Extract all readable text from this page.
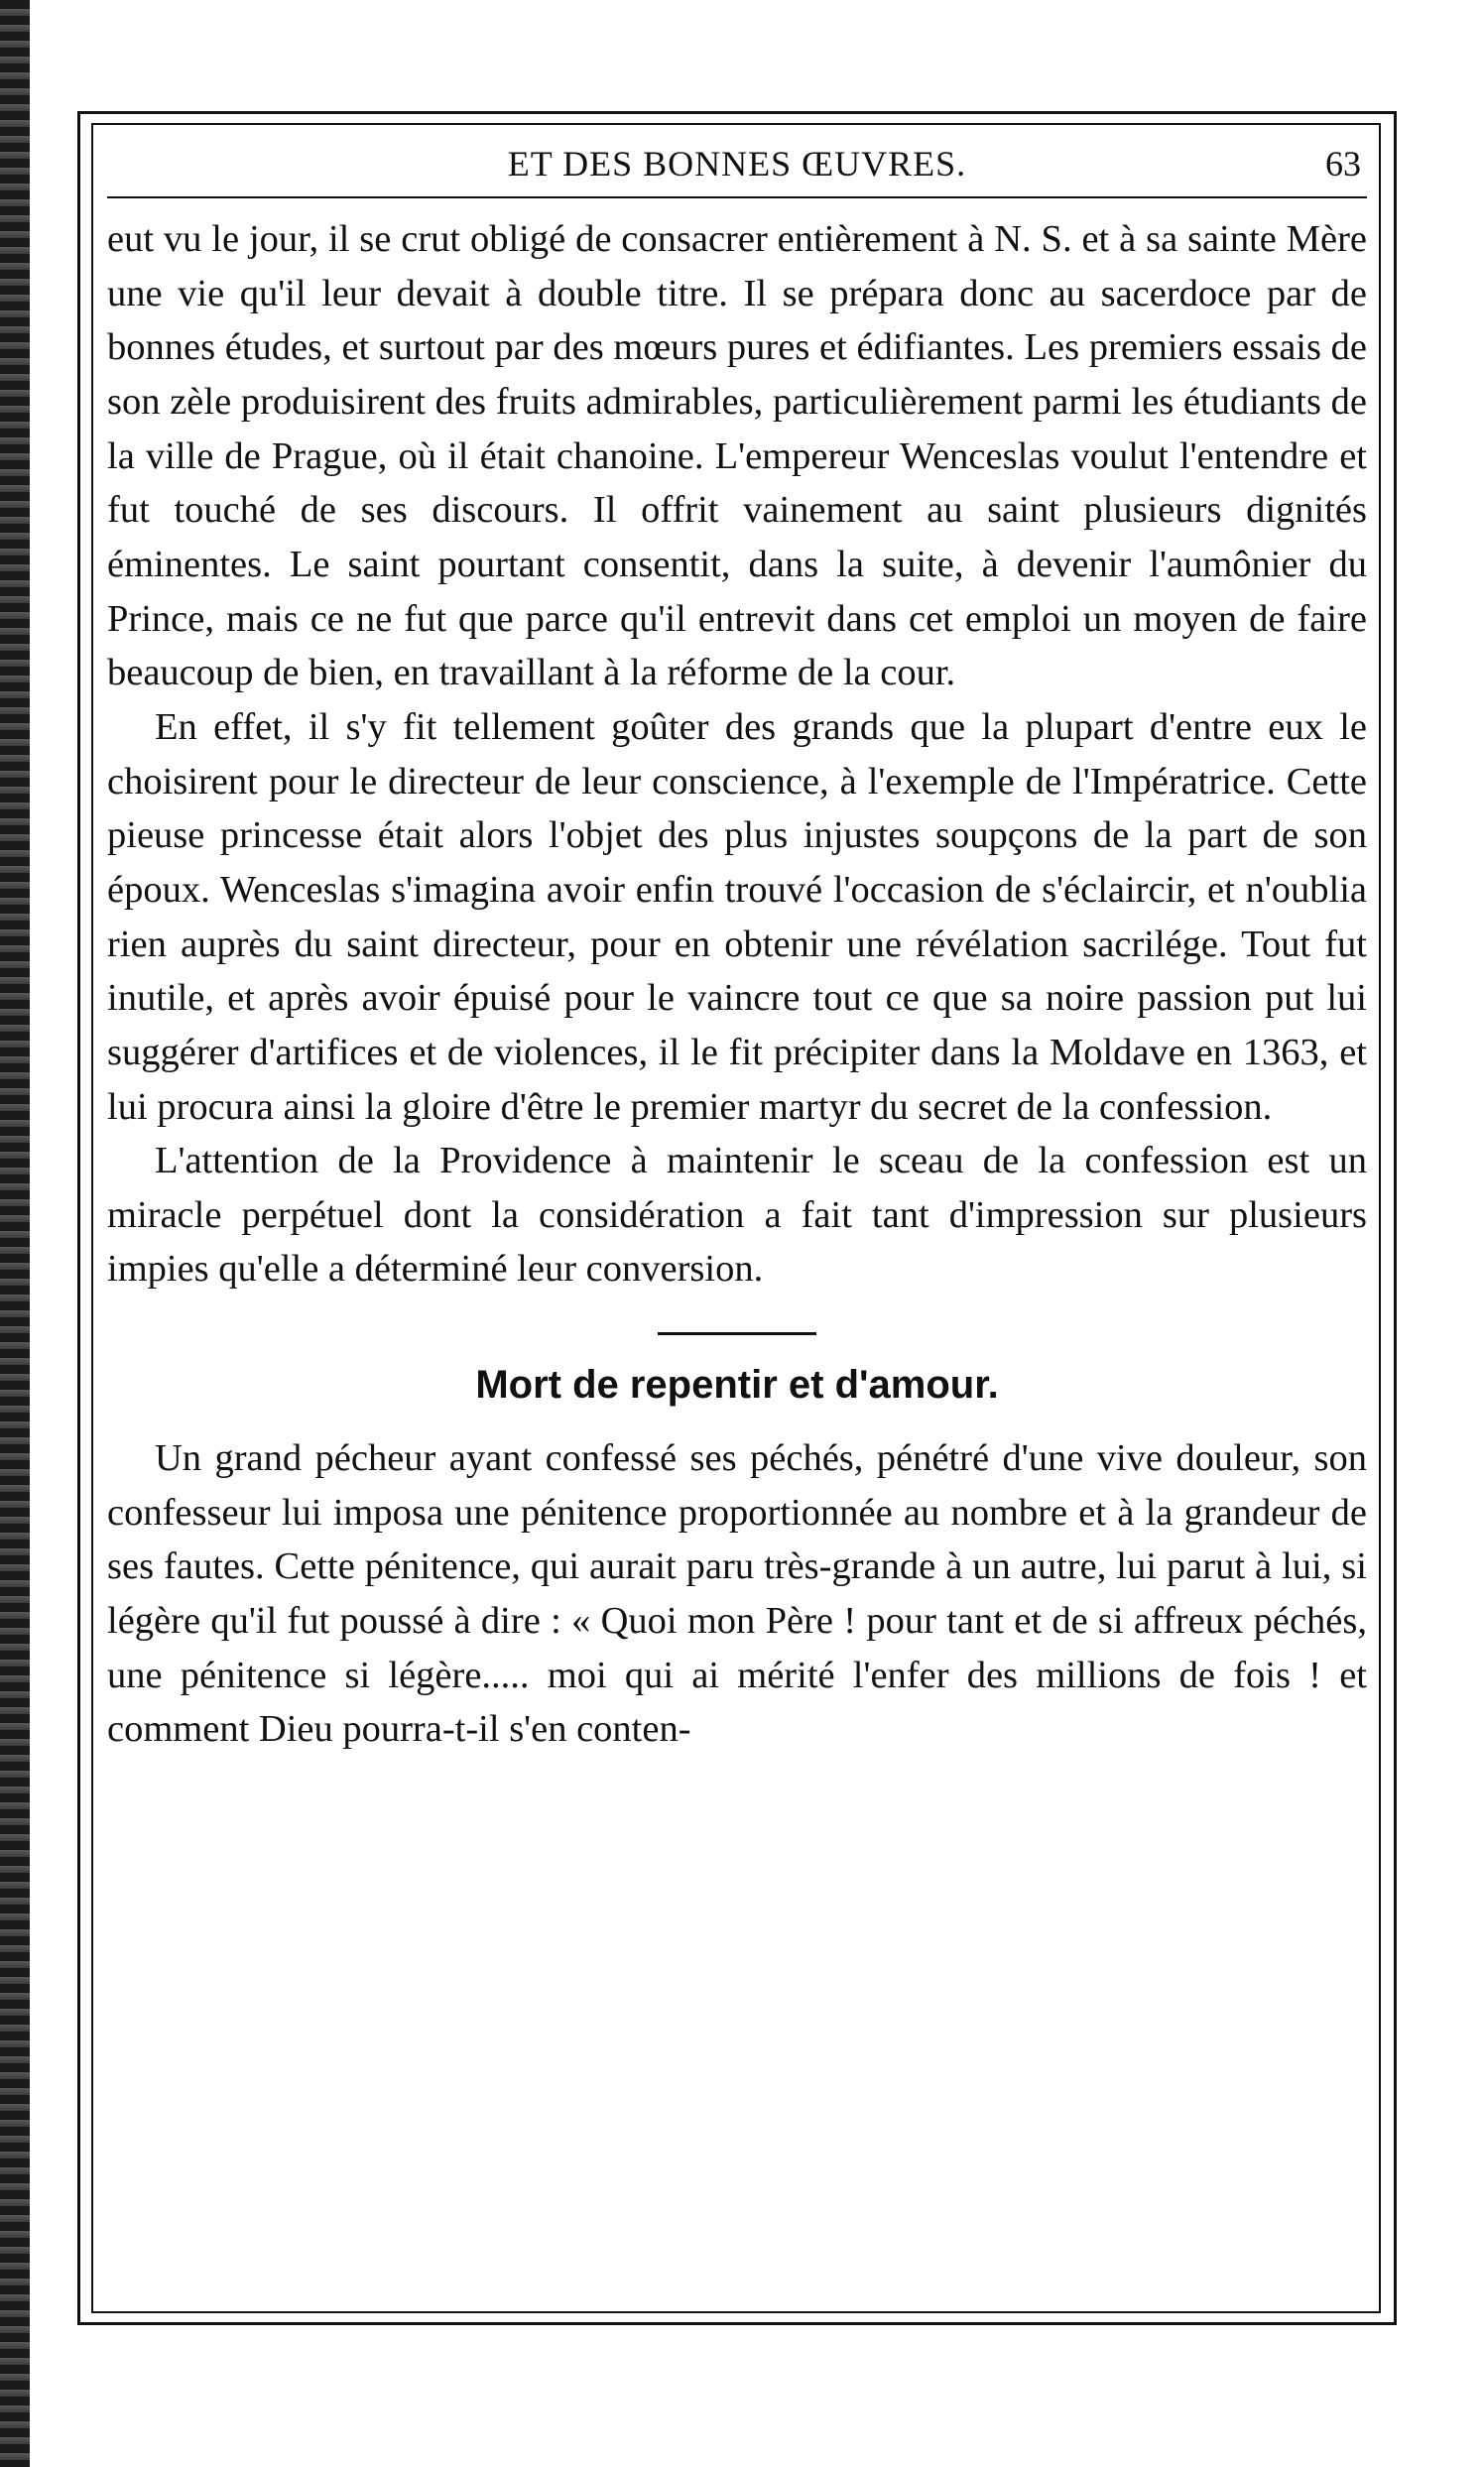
ET DES BONNES ŒUVRES.	63

eut vu le jour, il se crut obligé de consacrer entièrement à N. S. et à sa sainte Mère une vie qu'il leur devait à double titre. Il se prépara donc au sacerdoce par de bonnes études, et surtout par des mœurs pures et édifiantes. Les premiers essais de son zèle produisirent des fruits admirables, particulièrement parmi les étudiants de la ville de Prague, où il était chanoine. L'empereur Wenceslas voulut l'entendre et fut touché de ses discours. Il offrit vainement au saint plusieurs dignités éminentes. Le saint pourtant consentit, dans la suite, à devenir l'aumônier du Prince, mais ce ne fut que parce qu'il entrevit dans cet emploi un moyen de faire beaucoup de bien, en travaillant à la réforme de la cour.

En effet, il s'y fit tellement goûter des grands que la plupart d'entre eux le choisirent pour le directeur de leur conscience, à l'exemple de l'Impératrice. Cette pieuse princesse était alors l'objet des plus injustes soupçons de la part de son époux. Wenceslas s'imagina avoir enfin trouvé l'occasion de s'éclaircir, et n'oublia rien auprès du saint directeur, pour en obtenir une révélation sacrilége. Tout fut inutile, et après avoir épuisé pour le vaincre tout ce que sa noire passion put lui suggérer d'artifices et de violences, il le fit précipiter dans la Moldave en 1363, et lui procura ainsi la gloire d'être le premier martyr du secret de la confession.

L'attention de la Providence à maintenir le sceau de la confession est un miracle perpétuel dont la considération a fait tant d'impression sur plusieurs impies qu'elle a déterminé leur conversion.

Mort de repentir et d'amour.

Un grand pécheur ayant confessé ses péchés, pénétré d'une vive douleur, son confesseur lui imposa une pénitence proportionnée au nombre et à la grandeur de ses fautes. Cette pénitence, qui aurait paru très-grande à un autre, lui parut à lui, si légère qu'il fut poussé à dire : « Quoi mon Père ! pour tant et de si affreux péchés, une pénitence si légère..... moi qui ai mérité l'enfer des millions de fois ! et comment Dieu pourra-t-il s'en conten-
